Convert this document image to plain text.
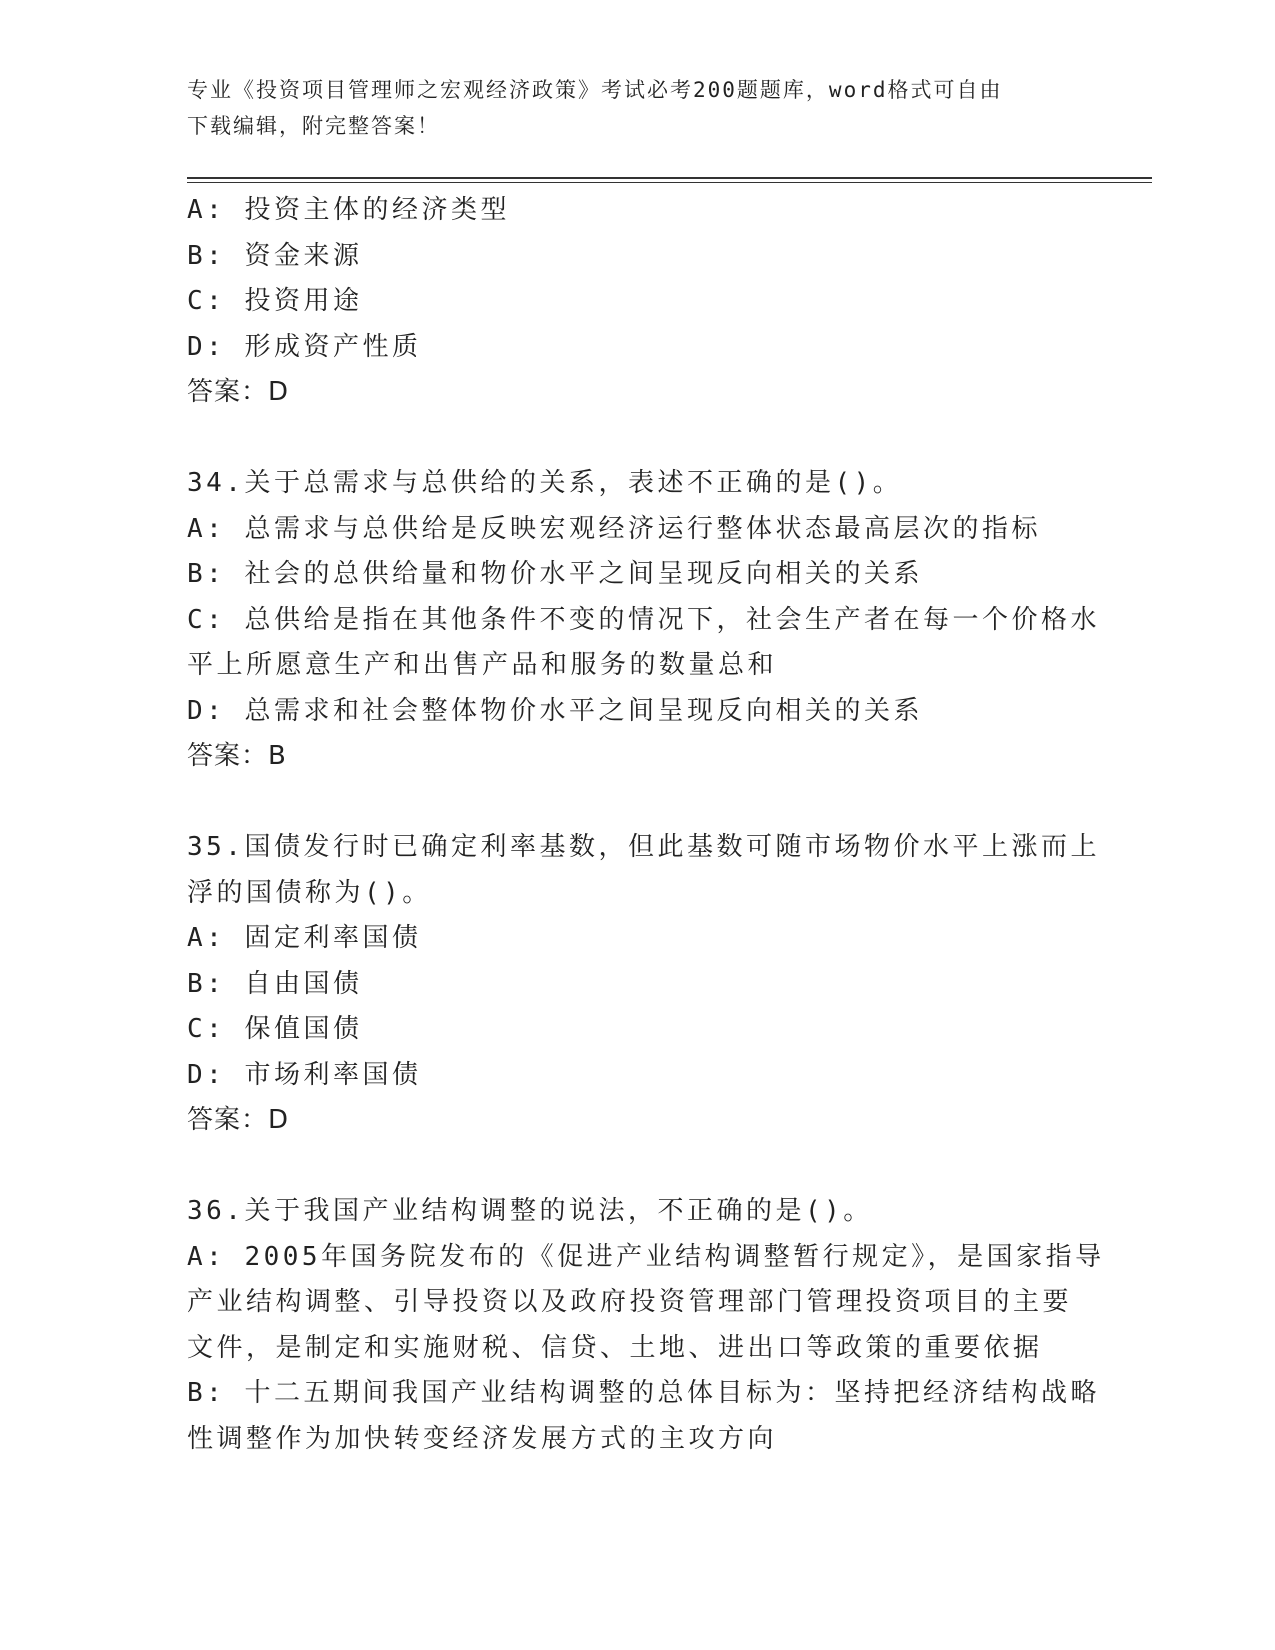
专业《投资项目管理师之宏观经济政策》考试必考200题题库，word格式可自由
下载编辑，附完整答案！
A: 投资主体的经济类型
B: 资金来源
C: 投资用途
D: 形成资产性质
答案：D
34.关于总需求与总供给的关系，表述不正确的是()。
A: 总需求与总供给是反映宏观经济运行整体状态最高层次的指标
B: 社会的总供给量和物价水平之间呈现反向相关的关系
C: 总供给是指在其他条件不变的情况下，社会生产者在每一个价格水
平上所愿意生产和出售产品和服务的数量总和
D: 总需求和社会整体物价水平之间呈现反向相关的关系
答案：B
35.国债发行时已确定利率基数，但此基数可随市场物价水平上涨而上
浮的国债称为()。
A: 固定利率国债
B: 自由国债
C: 保值国债
D: 市场利率国债
答案：D
36.关于我国产业结构调整的说法，不正确的是()。
A: 2005年国务院发布的《促进产业结构调整暂行规定》，是国家指导
产业结构调整、引导投资以及政府投资管理部门管理投资项目的主要
文件，是制定和实施财税、信贷、土地、进出口等政策的重要依据
B: 十二五期间我国产业结构调整的总体目标为：坚持把经济结构战略
性调整作为加快转变经济发展方式的主攻方向
